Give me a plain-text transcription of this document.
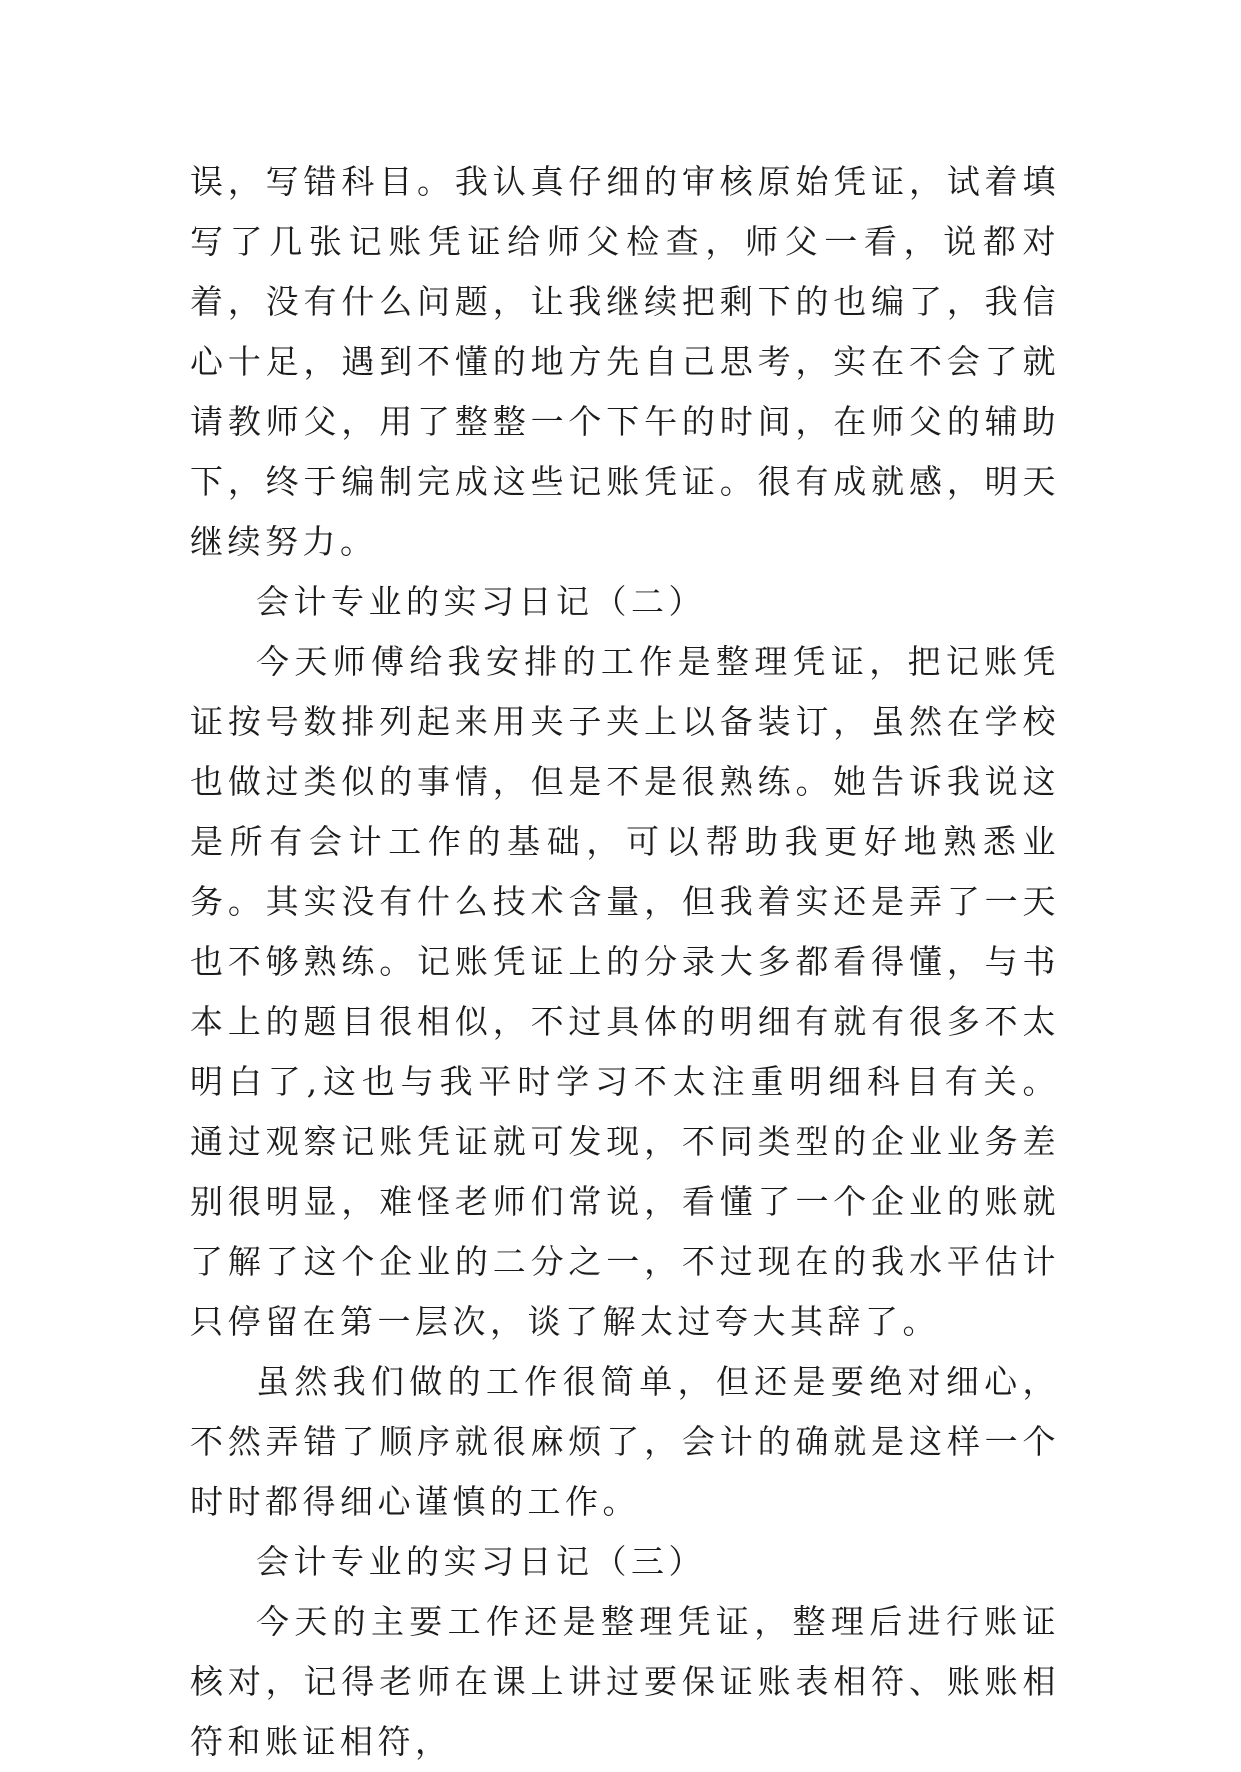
误，写错科目。我认真仔细的审核原始凭证，试着填写了几张记账凭证给师父检查，师父一看，说都对着，没有什么问题，让我继续把剩下的也编了，我信心十足，遇到不懂的地方先自己思考，实在不会了就请教师父，用了整整一个下午的时间，在师父的辅助下，终于编制完成这些记账凭证。很有成就感，明天继续努力。

会计专业的实习日记（二）

今天师傅给我安排的工作是整理凭证，把记账凭证按号数排列起来用夹子夹上以备装订，虽然在学校也做过类似的事情，但是不是很熟练。她告诉我说这是所有会计工作的基础，可以帮助我更好地熟悉业务。其实没有什么技术含量，但我着实还是弄了一天也不够熟练。记账凭证上的分录大多都看得懂，与书本上的题目很相似，不过具体的明细有就有很多不太明白了,这也与我平时学习不太注重明细科目有关。通过观察记账凭证就可发现，不同类型的企业业务差别很明显，难怪老师们常说，看懂了一个企业的账就了解了这个企业的二分之一，不过现在的我水平估计只停留在第一层次，谈了解太过夸大其辞了。

虽然我们做的工作很简单，但还是要绝对细心，不然弄错了顺序就很麻烦了，会计的确就是这样一个时时都得细心谨慎的工作。

会计专业的实习日记（三）

今天的主要工作还是整理凭证，整理后进行账证核对，记得老师在课上讲过要保证账表相符、账账相符和账证相符，
